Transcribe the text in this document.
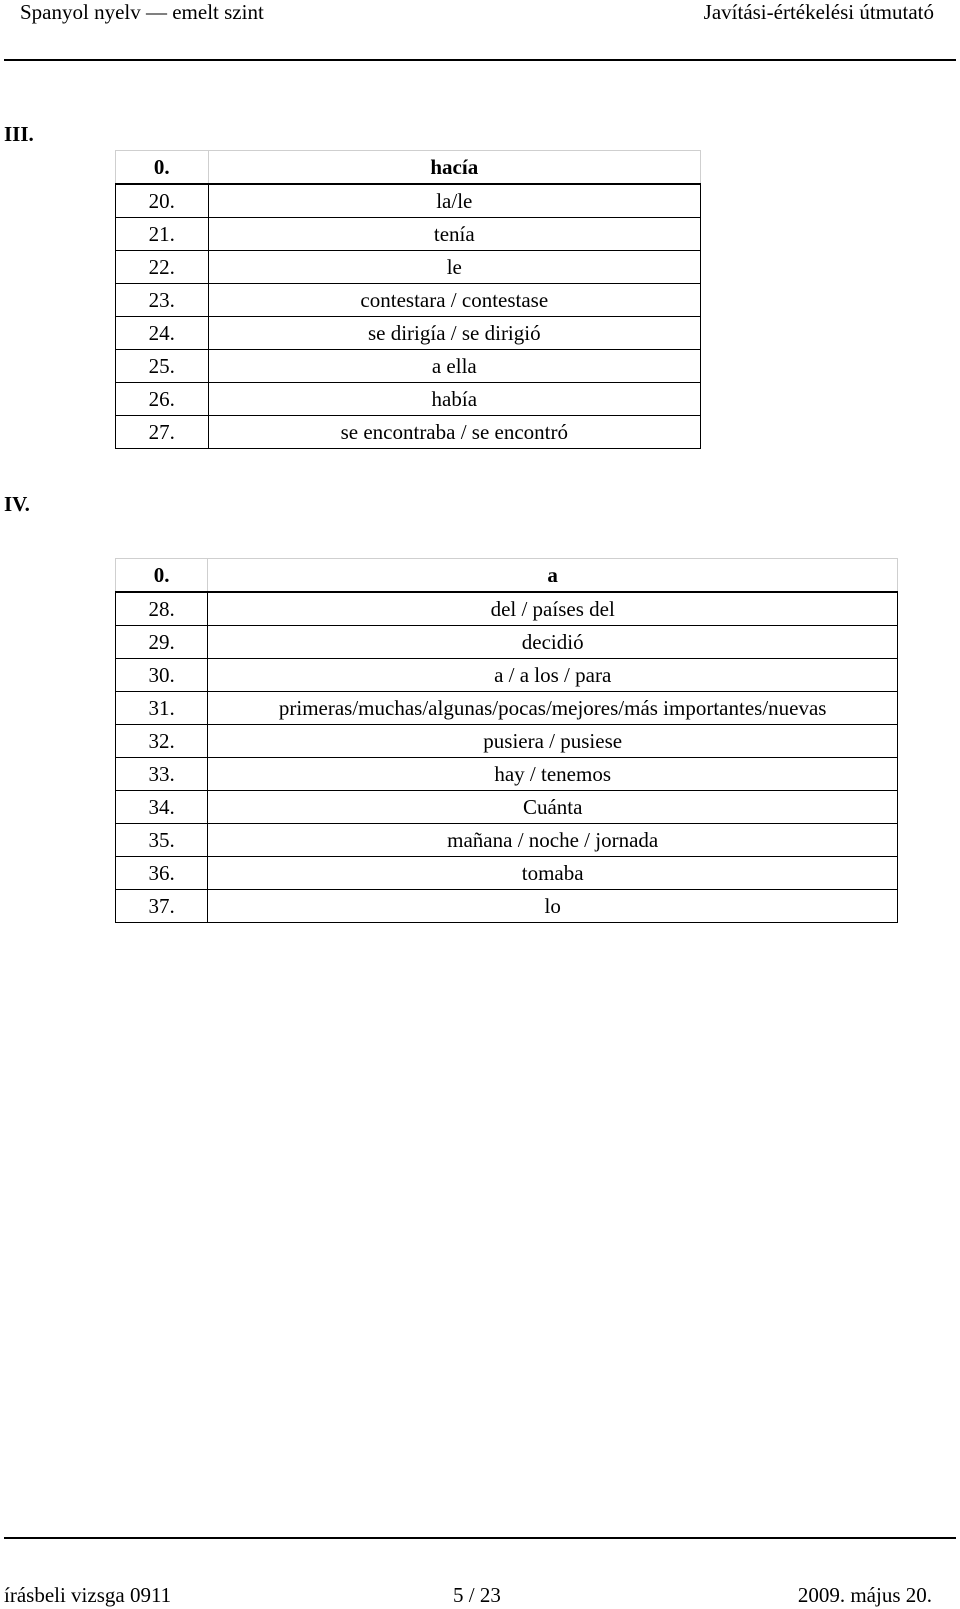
Spanyol nyelv — emelt szint	Javítási-értékelési útmutató
III.
0.	hacía
20.	la/le
21.	tenía
22.	le
23.	contestara / contestase
24.	se dirigía / se dirigió
25.	a ella
26.	había
27.	se encontraba / se encontró
IV.
0.	a
28.	del / países del
29.	decidió
30.	a / a los / para
31.	primeras/muchas/algunas/pocas/mejores/más importantes/nuevas
32.	pusiera / pusiese
33.	hay / tenemos
34.	Cuánta
35.	mañana / noche / jornada
36.	tomaba
37.	lo
írásbeli vizsga 0911	5 / 23	2009. május 20.
